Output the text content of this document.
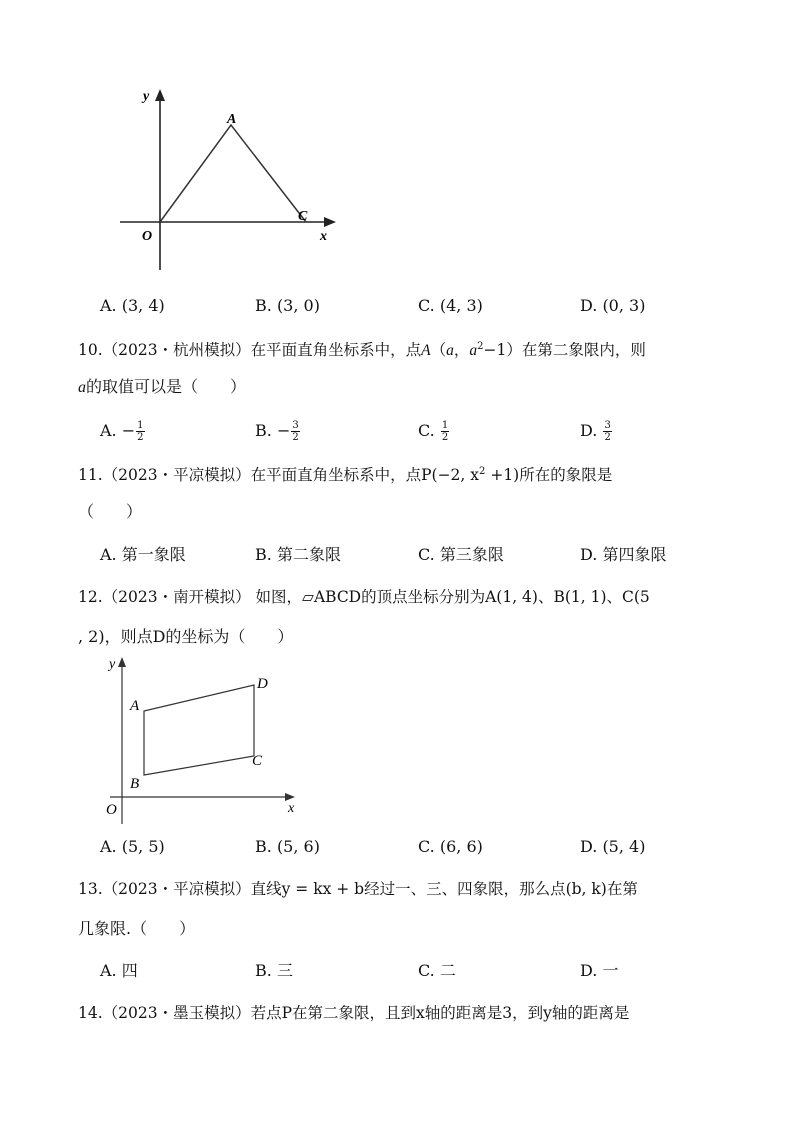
y
x
O
A
C
A. (3, 4)	B. (3, 0)	C. (4, 3)	D. (0, 3)
10.（2023・杭州模拟）在平面直角坐标系中，点A（a，$a^2-1$）在第二象限内，则
a的取值可以是（　　）
A. − $\frac{1}{2}$	B. − $\frac{3}{2}$	C. $\frac{1}{2}$	D. $\frac{3}{2}$
11.（2023・平凉模拟）在平面直角坐标系中，点P(−2, $x^2 +1$)所在的象限是
（　　）
A. 第一象限	B. 第二象限	C. 第三象限	D. 第四象限
12.（2023・南开模拟） 如图，▱ABCD的顶点坐标分别为A(1, 4)、B(1, 1)、C(5
, 2)，则点D的坐标为（　　）
y
x
O
A
B
C
D
A. (5, 5)	B. (5, 6)	C. (6, 6)	D. (5, 4)
13.（2023・平凉模拟）直线y = kx + b经过一、三、四象限，那么点(b, k)在第
几象限.（　　）
A. 四	B. 三	C. 二	D. 一
14.（2023・墨玉模拟）若点P在第二象限，且到x轴的距离是3，到y轴的距离是
